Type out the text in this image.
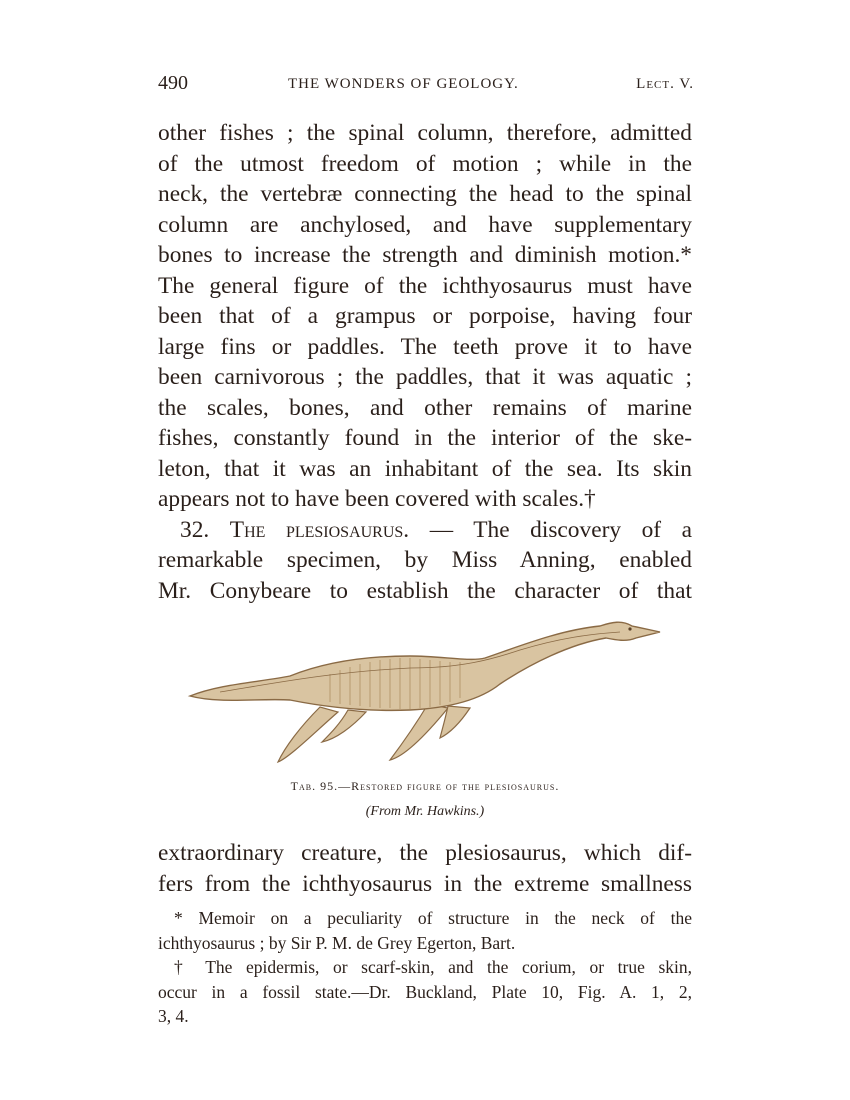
490	THE WONDERS OF GEOLOGY.	Lect. V.
other fishes ; the spinal column, therefore, admitted
of the utmost freedom of motion ; while in the
neck, the vertebræ connecting the head to the spinal
column are anchylosed, and have supplementary
bones to increase the strength and diminish motion.*
The general figure of the ichthyosaurus must have
been that of a grampus or porpoise, having four
large fins or paddles. The teeth prove it to have
been carnivorous ; the paddles, that it was aquatic ;
the scales, bones, and other remains of marine
fishes, constantly found in the interior of the ske-
leton, that it was an inhabitant of the sea. Its skin
appears not to have been covered with scales.†
32. The plesiosaurus. — The discovery of a
remarkable specimen, by Miss Anning, enabled
Mr. Conybeare to establish the character of that
Tab. 95.—Restored figure of the plesiosaurus.
(From Mr. Hawkins.)
extraordinary creature, the plesiosaurus, which dif-
fers from the ichthyosaurus in the extreme smallness
* Memoir on a peculiarity of structure in the neck of the
ichthyosaurus ; by Sir P. M. de Grey Egerton, Bart.
† The epidermis, or scarf-skin, and the corium, or true skin,
occur in a fossil state.—Dr. Buckland, Plate 10, Fig. A. 1, 2,
3, 4.
